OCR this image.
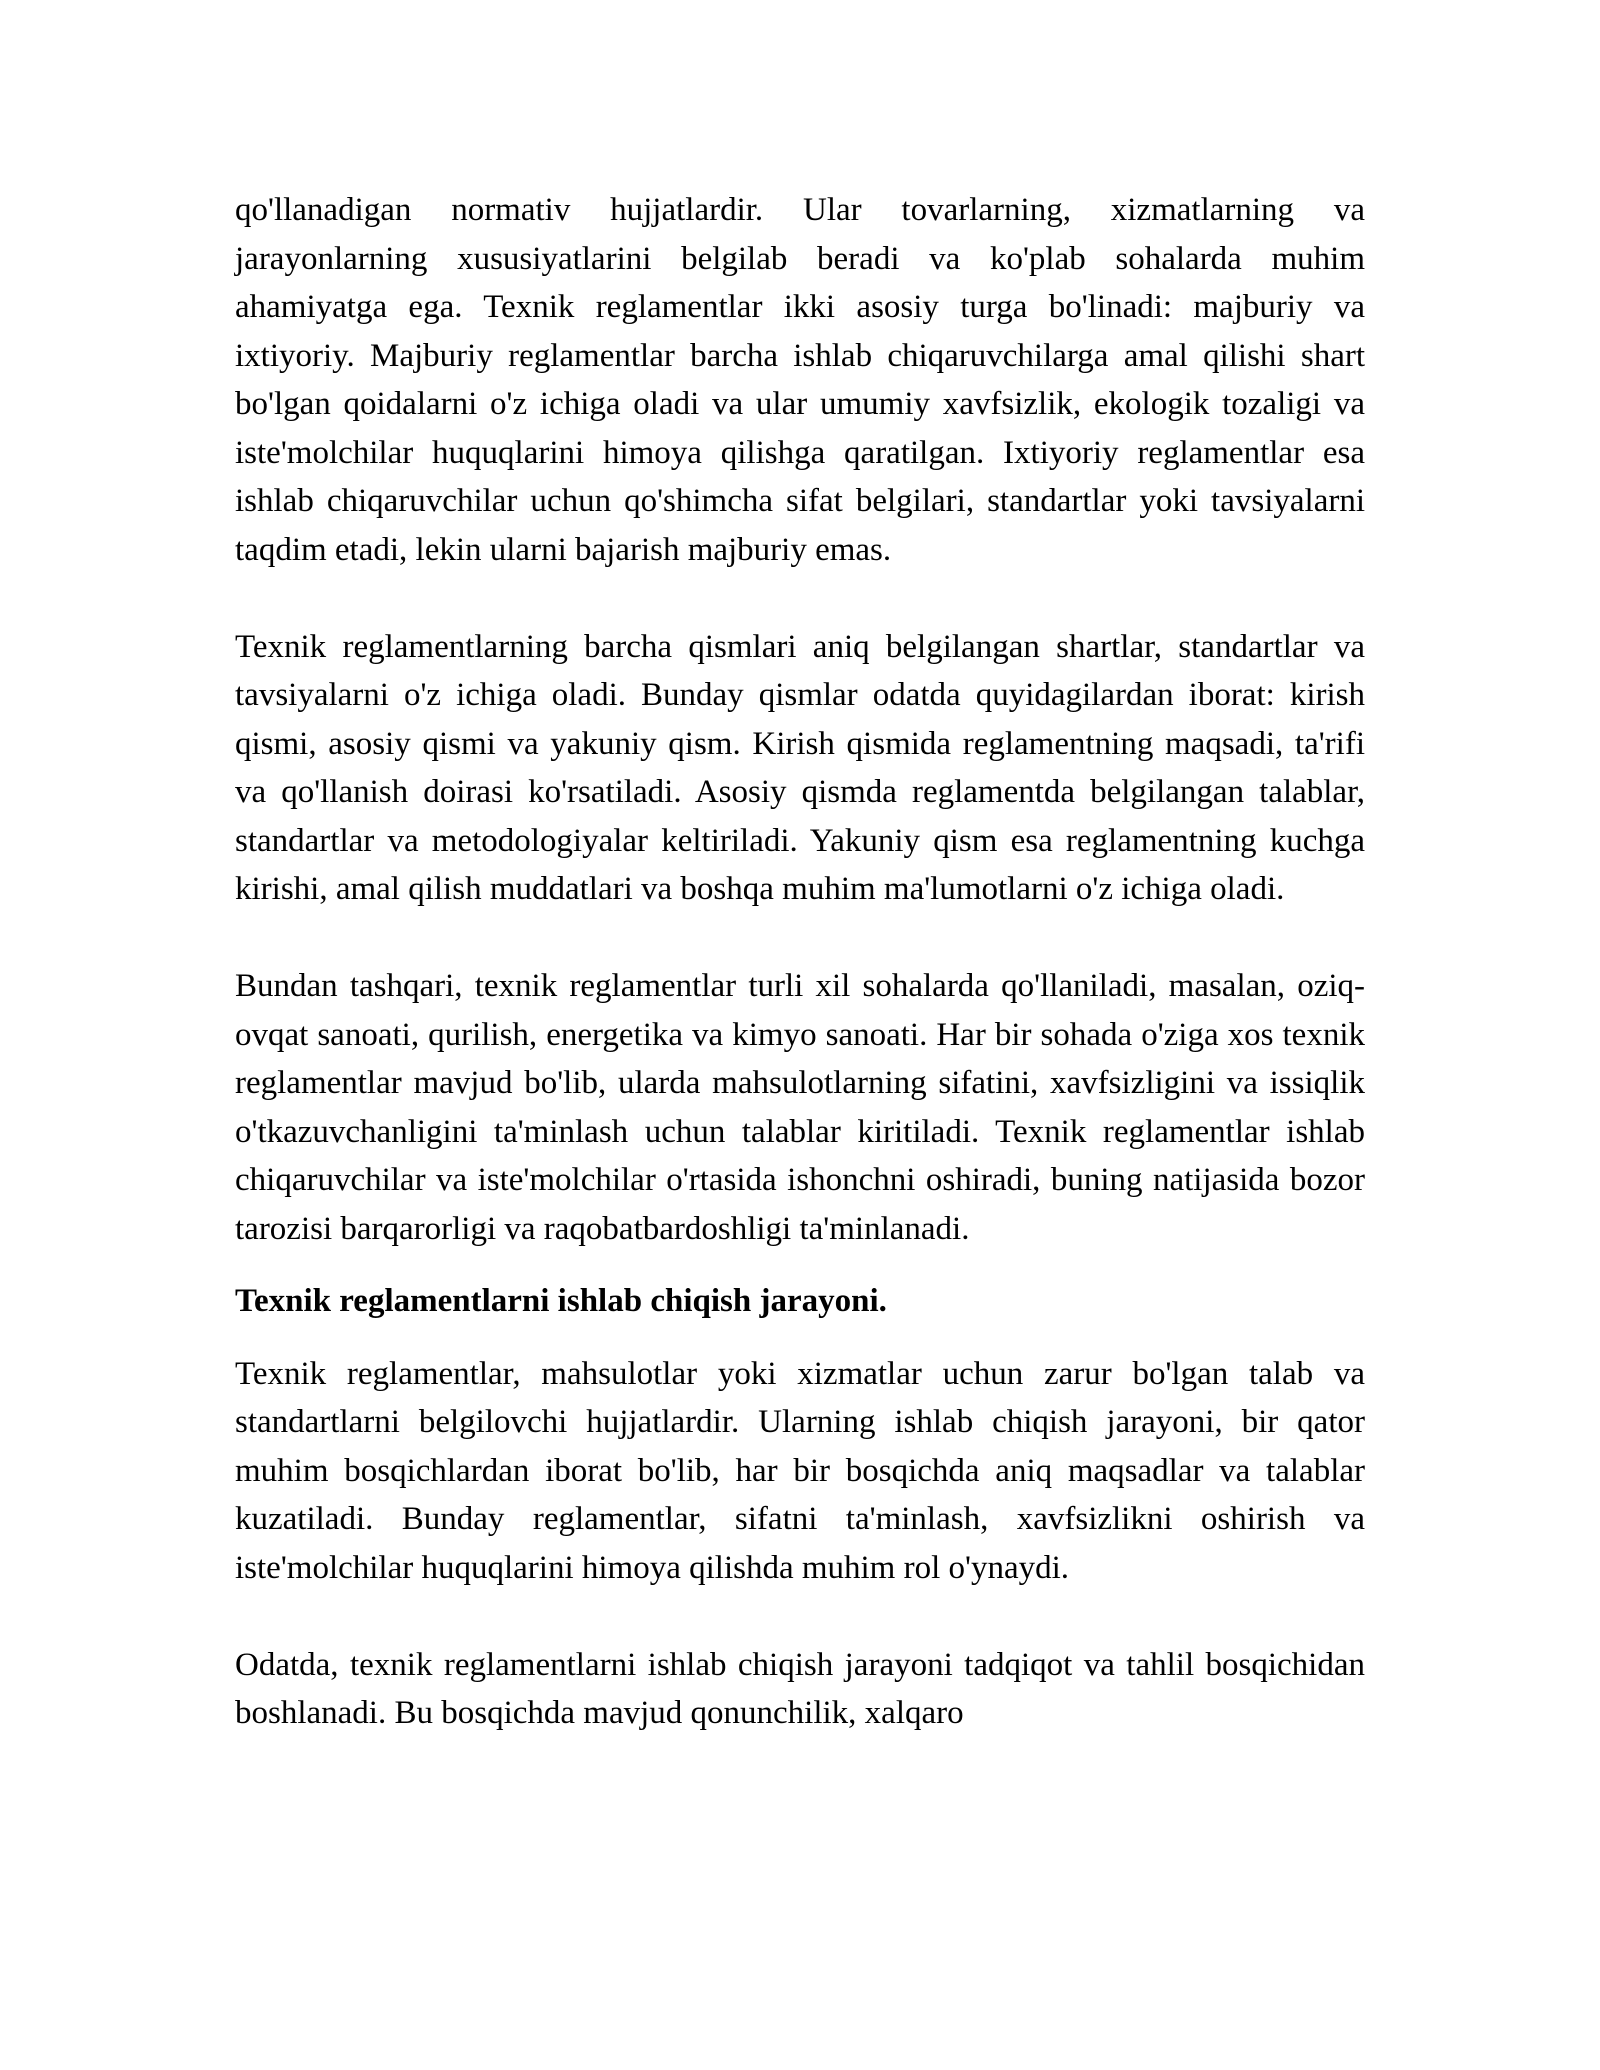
qo'llanadigan normativ hujjatlardir. Ular tovarlarning, xizmatlarning va jarayonlarning xususiyatlarini belgilab beradi va ko'plab sohalarda muhim ahamiyatga ega. Texnik reglamentlar ikki asosiy turga bo'linadi: majburiy va ixtiyoriy. Majburiy reglamentlar barcha ishlab chiqaruvchilarga amal qilishi shart bo'lgan qoidalarni o'z ichiga oladi va ular umumiy xavfsizlik, ekologik tozaligi va iste'molchilar huquqlarini himoya qilishga qaratilgan. Ixtiyoriy reglamentlar esa ishlab chiqaruvchilar uchun qo'shimcha sifat belgilari, standartlar yoki tavsiyalarni taqdim etadi, lekin ularni bajarish majburiy emas.

Texnik reglamentlarning barcha qismlari aniq belgilangan shartlar, standartlar va tavsiyalarni o'z ichiga oladi. Bunday qismlar odatda quyidagilardan iborat: kirish qismi, asosiy qismi va yakuniy qism. Kirish qismida reglamentning maqsadi, ta'rifi va qo'llanish doirasi ko'rsatiladi. Asosiy qismda reglamentda belgilangan talablar, standartlar va metodologiyalar keltiriladi. Yakuniy qism esa reglamentning kuchga kirishi, amal qilish muddatlari va boshqa muhim ma'lumotlarni o'z ichiga oladi.

Bundan tashqari, texnik reglamentlar turli xil sohalarda qo'llaniladi, masalan, oziq-ovqat sanoati, qurilish, energetika va kimyo sanoati. Har bir sohada o'ziga xos texnik reglamentlar mavjud bo'lib, ularda mahsulotlarning sifatini, xavfsizligini va issiqlik o'tkazuvchanligini ta'minlash uchun talablar kiritiladi. Texnik reglamentlar ishlab chiqaruvchilar va iste'molchilar o'rtasida ishonchni oshiradi, buning natijasida bozor tarozisi barqarorligi va raqobatbardoshligi ta'minlanadi.

Texnik reglamentlarni ishlab chiqish jarayoni.

Texnik reglamentlar, mahsulotlar yoki xizmatlar uchun zarur bo'lgan talab va standartlarni belgilovchi hujjatlardir. Ularning ishlab chiqish jarayoni, bir qator muhim bosqichlardan iborat bo'lib, har bir bosqichda aniq maqsadlar va talablar kuzatiladi. Bunday reglamentlar, sifatni ta'minlash, xavfsizlikni oshirish va iste'molchilar huquqlarini himoya qilishda muhim rol o'ynaydi.

Odatda, texnik reglamentlarni ishlab chiqish jarayoni tadqiqot va tahlil bosqichidan boshlanadi. Bu bosqichda mavjud qonunchilik, xalqaro
